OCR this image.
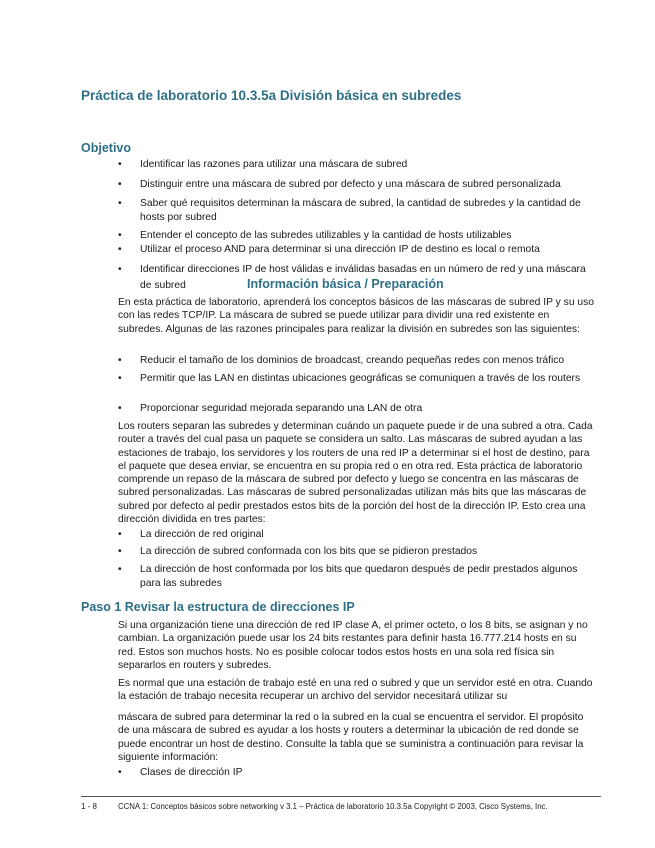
Práctica de laboratorio 10.3.5a División básica en subredes
Objetivo
• Identificar las razones para utilizar una máscara de subred
• Distinguir entre una máscara de subred por defecto y una máscara de subred personalizada
• Saber qué requisitos determinan la máscara de subred, la cantidad de subredes y la cantidad de hosts por subred
• Entender el concepto de las subredes utilizables y la cantidad de hosts utilizables
• Utilizar el proceso AND para determinar si una dirección IP de destino es local o remota
• Identificar direcciones IP de host válidas e inválidas basadas en un número de red y una máscara de subred	Información básica / Preparación
En esta práctica de laboratorio, aprenderá los conceptos básicos de las máscaras de subred IP y su uso con las redes TCP/IP. La máscara de subred se puede utilizar para dividir una red existente en subredes. Algunas de las razones principales para realizar la división en subredes son las siguientes:
• Reducir el tamaño de los dominios de broadcast, creando pequeñas redes con menos tráfico
• Permitir que las LAN en distintas ubicaciones geográficas se comuniquen a través de los routers
• Proporcionar seguridad mejorada separando una LAN de otra
Los routers separan las subredes y determinan cuándo un paquete puede ir de una subred a otra. Cada router a través del cual pasa un paquete se considera un salto. Las máscaras de subred ayudan a las estaciones de trabajo, los servidores y los routers de una red IP a determinar si el host de destino, para el paquete que desea enviar, se encuentra en su propia red o en otra red. Esta práctica de laboratorio comprende un repaso de la máscara de subred por defecto y luego se concentra en las máscaras de subred personalizadas. Las máscaras de subred personalizadas utilizan más bits que las máscaras de subred por defecto al pedir prestados estos bits de la porción del host de la dirección IP. Esto crea una dirección dividida en tres partes:
• La dirección de red original
• La dirección de subred conformada con los bits que se pidieron prestados
• La dirección de host conformada por los bits que quedaron después de pedir prestados algunos para las subredes
Paso 1 Revisar la estructura de direcciones IP
Si una organización tiene una dirección de red IP clase A, el primer octeto, o los 8 bits, se asignan y no cambian. La organización puede usar los 24 bits restantes para definir hasta 16.777.214 hosts en su red. Estos son muchos hosts. No es posible colocar todos estos hosts en una sola red física sin separarlos en routers y subredes.
Es normal que una estación de trabajo esté en una red o subred y que un servidor esté en otra. Cuando la estación de trabajo necesita recuperar un archivo del servidor necesitará utilizar su
máscara de subred para determinar la red o la subred en la cual se encuentra el servidor. El propósito de una máscara de subred es ayudar a los hosts y routers a determinar la ubicación de red donde se puede encontrar un host de destino. Consulte la tabla que se suministra a continuación para revisar la siguiente información:
• Clases de dirección IP
1 - 8	CCNA 1: Conceptos básicos sobre networking v 3.1 – Práctica de laboratorio 10.3.5a Copyright © 2003, Cisco Systems, Inc.
